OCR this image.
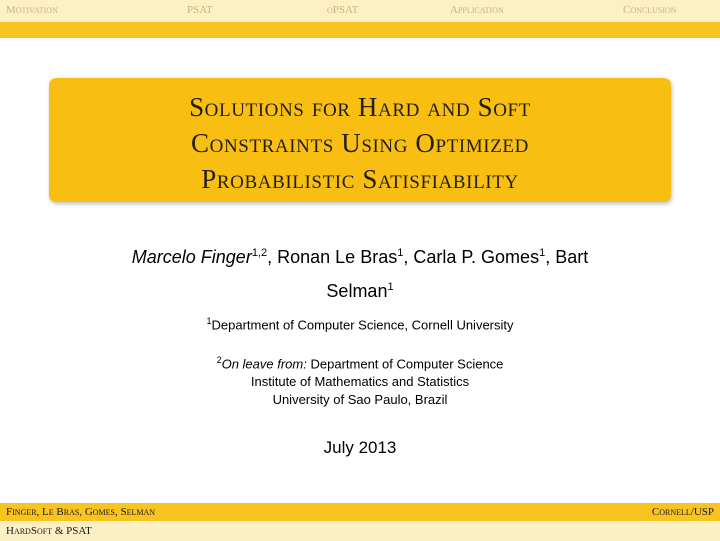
Motivation	PSAT	oPSAT	Application	Conclusion
Solutions for Hard and Soft
Constraints Using Optimized
Probabilistic Satisfiability
Marcelo Finger$^{1,2}$, Ronan Le Bras$^1$, Carla P. Gomes$^1$, Bart
Selman$^1$
$^1$Department of Computer Science, Cornell University
$^2$On leave from: Department of Computer Science
Institute of Mathematics and Statistics
University of Sao Paulo, Brazil
July 2013
Finger, Le Bras, Gomes, Selman	Cornell/USP
HardSoft & PSAT
